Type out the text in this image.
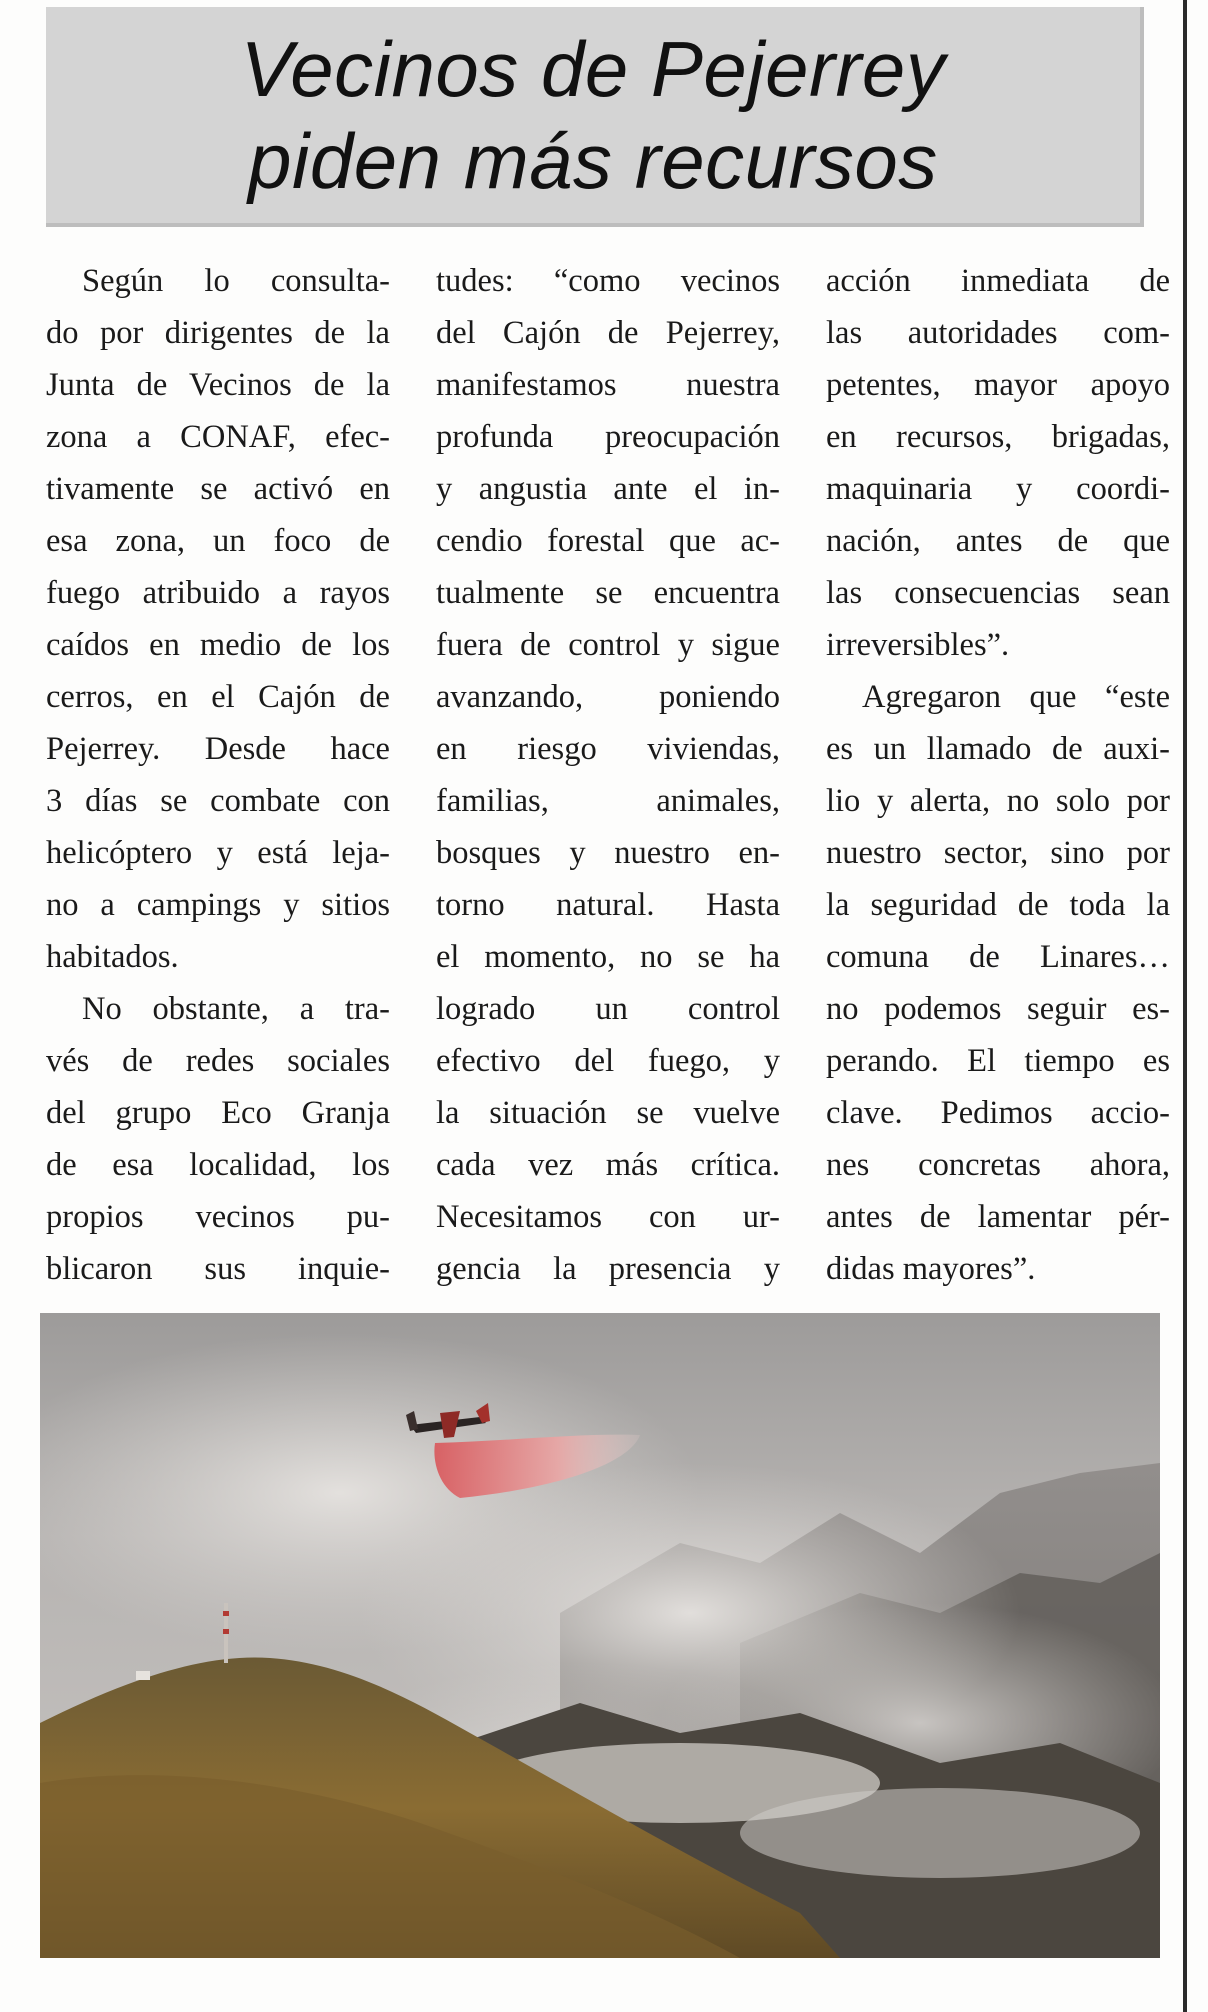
Vecinos de Pejerrey
piden más recursos
Según lo consulta-
do por dirigentes de la
Junta de Vecinos de la
zona a CONAF, efec-
tivamente se activó en
esa zona, un foco de
fuego atribuido a rayos
caídos en medio de los
cerros, en el Cajón de
Pejerrey. Desde hace
3 días se combate con
helicóptero y está leja-
no a campings y sitios
habitados.
No obstante, a tra-
vés de redes sociales
del grupo Eco Granja
de esa localidad, los
propios vecinos pu-
blicaron sus inquie-
tudes: “como vecinos
del Cajón de Pejerrey,
manifestamos nuestra
profunda preocupación
y angustia ante el in-
cendio forestal que ac-
tualmente se encuentra
fuera de control y sigue
avanzando, poniendo
en riesgo viviendas,
familias, animales,
bosques y nuestro en-
torno natural. Hasta
el momento, no se ha
logrado un control
efectivo del fuego, y
la situación se vuelve
cada vez más crítica.
Necesitamos con ur-
gencia la presencia y
acción inmediata de
las autoridades com-
petentes, mayor apoyo
en recursos, brigadas,
maquinaria y coordi-
nación, antes de que
las consecuencias sean
irreversibles”.
Agregaron que “este
es un llamado de auxi-
lio y alerta, no solo por
nuestro sector, sino por
la seguridad de toda la
comuna de Linares…
no podemos seguir es-
perando. El tiempo es
clave. Pedimos accio-
nes concretas ahora,
antes de lamentar pér-
didas mayores”.
